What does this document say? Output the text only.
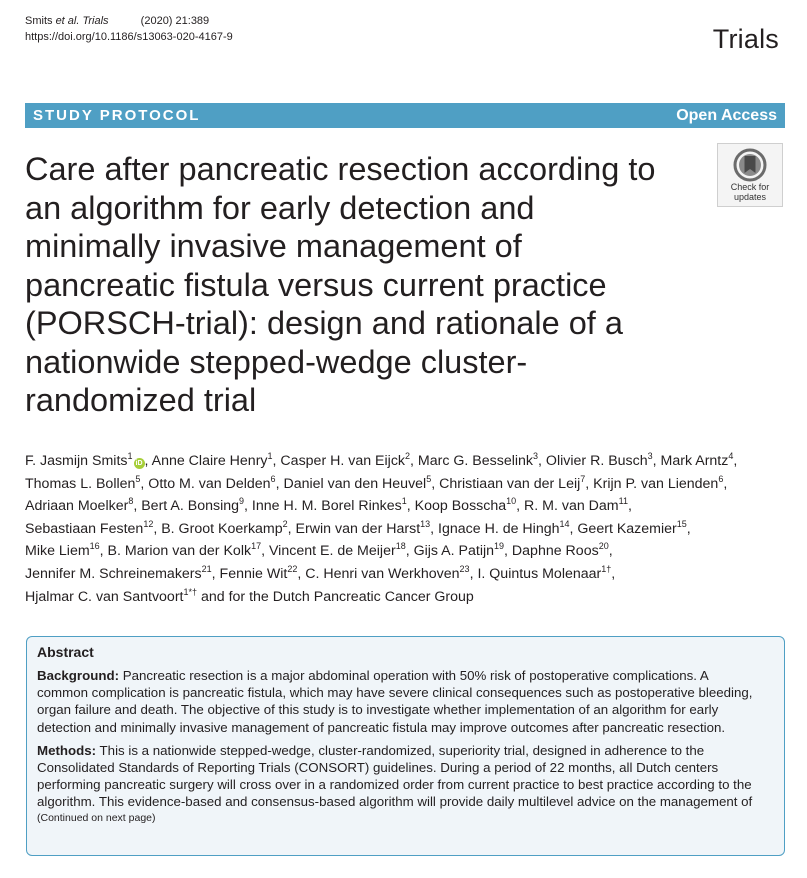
Smits et al. Trials	(2020) 21:389
https://doi.org/10.1186/s13063-020-4167-9	Trials
STUDY PROTOCOL	Open Access
Care after pancreatic resection according to
an algorithm for early detection and
minimally invasive management of
pancreatic fistula versus current practice
(PORSCH-trial): design and rationale of a
nationwide stepped-wedge cluster-
randomized trial
Check for
updates
F. Jasmijn Smits$^1$iD , Anne Claire Henry$^1$, Casper H. van Eijck$^2$, Marc G. Besselink$^3$, Olivier R. Busch$^3$, Mark Arntz$^4$,
Thomas L. Bollen$^5$, Otto M. van Delden$^6$, Daniel van den Heuvel$^5$, Christiaan van der Leij$^7$, Krijn P. van Lienden$^6$,
Adriaan Moelker$^8$, Bert A. Bonsing$^9$, Inne H. M. Borel Rinkes$^1$, Koop Bosscha$^{10}$, R. M. van Dam$^{11}$,
Sebastiaan Festen$^{12}$, B. Groot Koerkamp$^2$, Erwin van der Harst$^{13}$, Ignace H. de Hingh$^{14}$, Geert Kazemier$^{15}$,
Mike Liem$^{16}$, B. Marion van der Kolk$^{17}$, Vincent E. de Meijer$^{18}$, Gijs A. Patijn$^{19}$, Daphne Roos$^{20}$,
Jennifer M. Schreinemakers$^{21}$, Fennie Wit$^{22}$, C. Henri van Werkhoven$^{23}$, I. Quintus Molenaar$^{1\dagger}$,
Hjalmar C. van Santvoort$^{1*\dagger}$ and for the Dutch Pancreatic Cancer Group
Abstract

Background: Pancreatic resection is a major abdominal operation with 50% risk of postoperative complications. A
common complication is pancreatic fistula, which may have severe clinical consequences such as postoperative bleeding,
organ failure and death. The objective of this study is to investigate whether implementation of an algorithm for early
detection and minimally invasive management of pancreatic fistula may improve outcomes after pancreatic resection.

Methods: This is a nationwide stepped-wedge, cluster-randomized, superiority trial, designed in adherence to the
Consolidated Standards of Reporting Trials (CONSORT) guidelines. During a period of 22 months, all Dutch centers
performing pancreatic surgery will cross over in a randomized order from current practice to best practice according to the
algorithm. This evidence-based and consensus-based algorithm will provide daily multilevel advice on the management of
(Continued on next page)
